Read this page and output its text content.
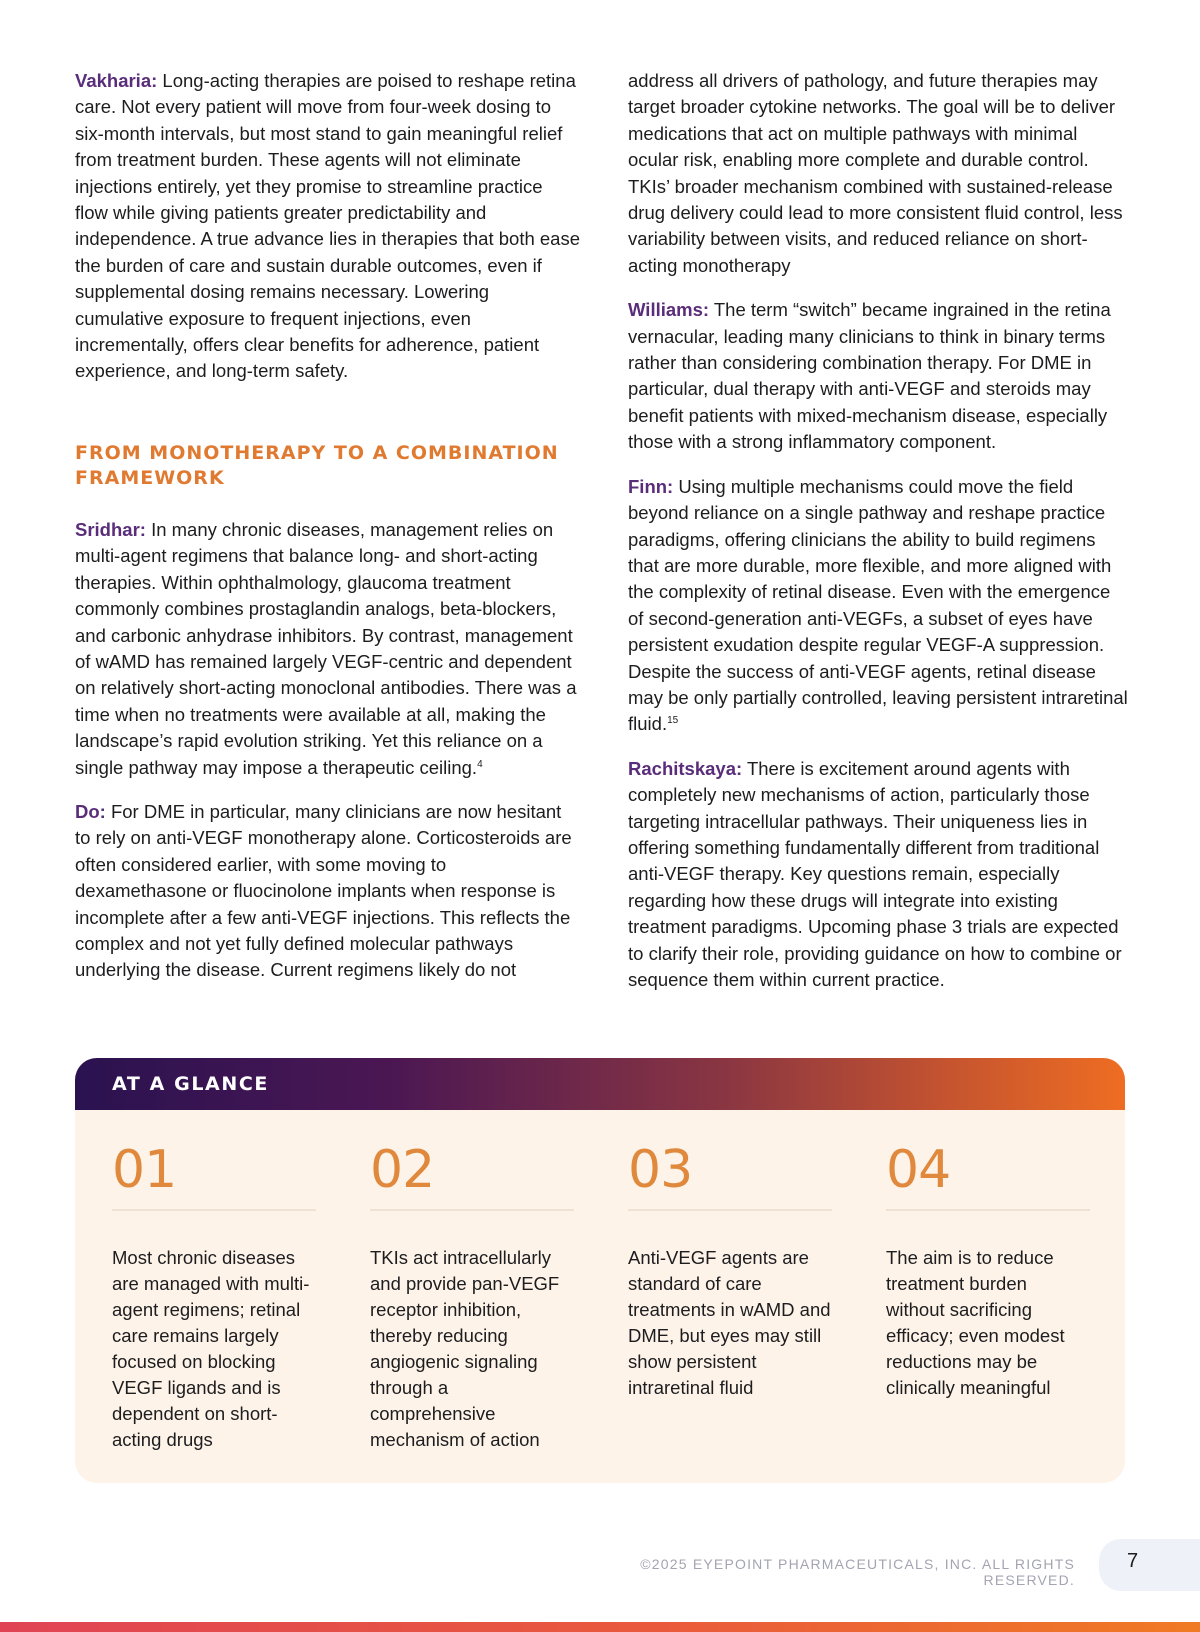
Vakharia: Long-acting therapies are poised to reshape retina care. Not every patient will move from four-week dosing to six-month intervals, but most stand to gain meaningful relief from treatment burden. These agents will not eliminate injections entirely, yet they promise to streamline practice flow while giving patients greater predictability and independence. A true advance lies in therapies that both ease the burden of care and sustain durable outcomes, even if supplemental dosing remains necessary. Lowering cumulative exposure to frequent injections, even incrementally, offers clear benefits for adherence, patient experience, and long-term safety.

FROM MONOTHERAPY TO A COMBINATION FRAMEWORK

Sridhar: In many chronic diseases, management relies on multi-agent regimens that balance long- and short-acting therapies. Within ophthalmology, glaucoma treatment commonly combines prostaglandin analogs, beta-blockers, and carbonic anhydrase inhibitors. By contrast, management of wAMD has remained largely VEGF-centric and dependent on relatively short-acting monoclonal antibodies. There was a time when no treatments were available at all, making the landscape’s rapid evolution striking. Yet this reliance on a single pathway may impose a therapeutic ceiling.$^4$

Do: For DME in particular, many clinicians are now hesitant to rely on anti-VEGF monotherapy alone. Corticosteroids are often considered earlier, with some moving to dexamethasone or fluocinolone implants when response is incomplete after a few anti-VEGF injections. This reflects the complex and not yet fully defined molecular pathways underlying the disease. Current regimens likely do not

address all drivers of pathology, and future therapies may target broader cytokine networks. The goal will be to deliver medications that act on multiple pathways with minimal ocular risk, enabling more complete and durable control. TKIs’ broader mechanism combined with sustained-release drug delivery could lead to more consistent fluid control, less variability between visits, and reduced reliance on short-acting monotherapy

Williams: The term “switch” became ingrained in the retina vernacular, leading many clinicians to think in binary terms rather than considering combination therapy. For DME in particular, dual therapy with anti-VEGF and steroids may benefit patients with mixed-mechanism disease, especially those with a strong inflammatory component.

Finn: Using multiple mechanisms could move the field beyond reliance on a single pathway and reshape practice paradigms, offering clinicians the ability to build regimens that are more durable, more flexible, and more aligned with the complexity of retinal disease. Even with the emergence of second-generation anti-VEGFs, a subset of eyes have persistent exudation despite regular VEGF-A suppression. Despite the success of anti-VEGF agents, retinal disease may be only partially controlled, leaving persistent intraretinal fluid.$^{15}$

Rachitskaya: There is excitement around agents with completely new mechanisms of action, particularly those targeting intracellular pathways. Their uniqueness lies in offering something fundamentally different from traditional anti-VEGF therapy. Key questions remain, especially regarding how these drugs will integrate into existing treatment paradigms. Upcoming phase 3 trials are expected to clarify their role, providing guidance on how to combine or sequence them within current practice.

AT A GLANCE
01
Most chronic diseases are managed with multi-agent regimens; retinal care remains largely focused on blocking VEGF ligands and is dependent on short-acting drugs
02
TKIs act intracellularly and provide pan-VEGF receptor inhibition, thereby reducing angiogenic signaling through a comprehensive mechanism of action
03
Anti-VEGF agents are standard of care treatments in wAMD and DME, but eyes may still show persistent intraretinal fluid
04
The aim is to reduce treatment burden without sacrificing efficacy; even modest reductions may be clinically meaningful
©2025 EYEPOINT PHARMACEUTICALS, INC. ALL RIGHTS RESERVED.
7
